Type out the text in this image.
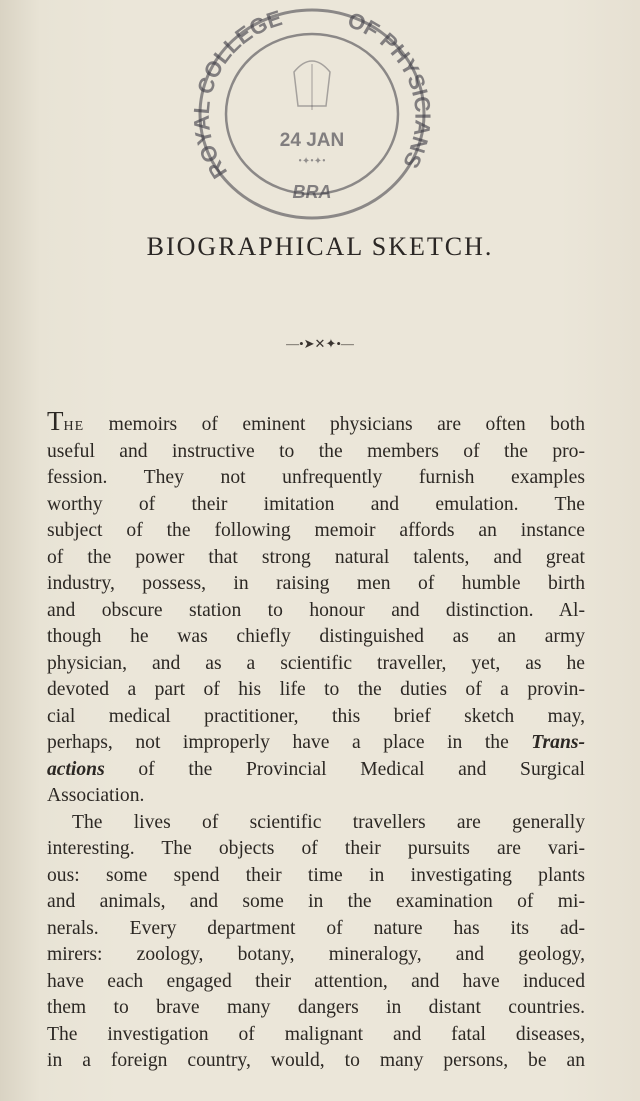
ROYAL COLLEGE	OF PHYSICIANS
24 JAN
•✦•✦•
BRA
BIOGRAPHICAL SKETCH.
—•➤✕✦•—
The memoirs of eminent physicians are often both
useful and instructive to the members of the pro-
fession. They not unfrequently furnish examples
worthy of their imitation and emulation. The
subject of the following memoir affords an instance
of the power that strong natural talents, and great
industry, possess, in raising men of humble birth
and obscure station to honour and distinction. Al-
though he was chiefly distinguished as an army
physician, and as a scientific traveller, yet, as he
devoted a part of his life to the duties of a provin-
cial medical practitioner, this brief sketch may,
perhaps, not improperly have a place in the Trans-
actions of the Provincial Medical and Surgical
Association.
The lives of scientific travellers are generally
interesting. The objects of their pursuits are vari-
ous: some spend their time in investigating plants
and animals, and some in the examination of mi-
nerals. Every department of nature has its ad-
mirers: zoology, botany, mineralogy, and geology,
have each engaged their attention, and have induced
them to brave many dangers in distant countries.
The investigation of malignant and fatal diseases,
in a foreign country, would, to many persons, be an
